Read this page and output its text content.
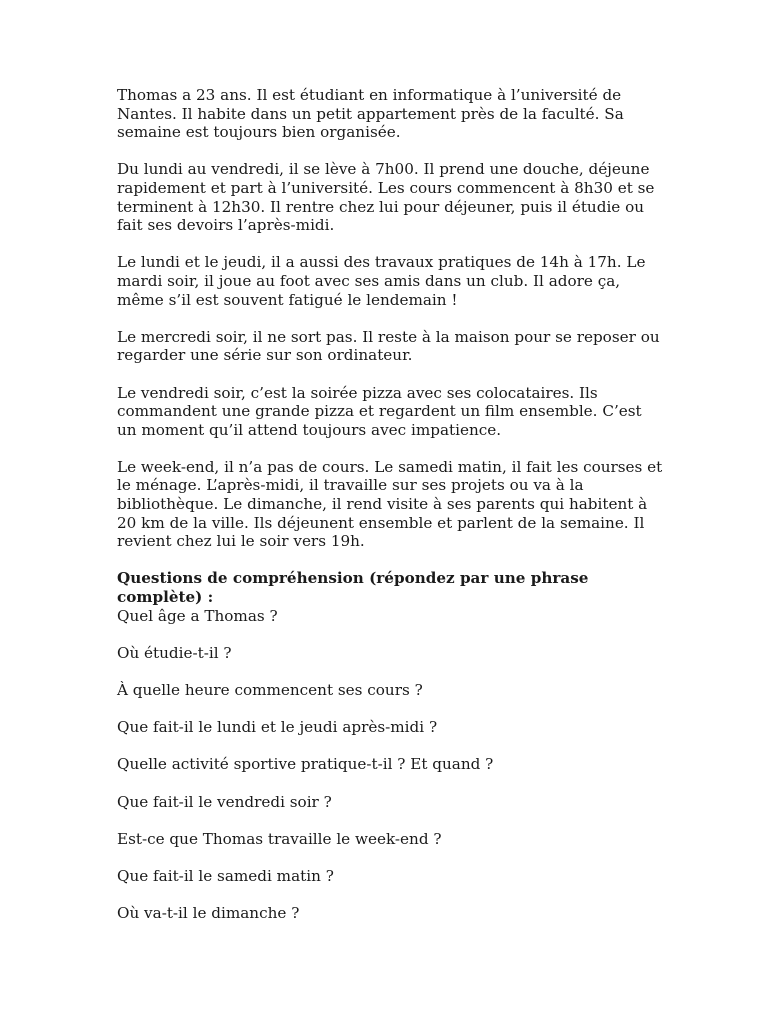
Thomas a 23 ans. Il est étudiant en informatique à l’université de Nantes. Il habite dans un petit appartement près de la faculté. Sa semaine est toujours bien organisée.

Du lundi au vendredi, il se lève à 7h00. Il prend une douche, déjeune rapidement et part à l’université. Les cours commencent à 8h30 et se terminent à 12h30. Il rentre chez lui pour déjeuner, puis il étudie ou fait ses devoirs l’après-midi.

Le lundi et le jeudi, il a aussi des travaux pratiques de 14h à 17h. Le mardi soir, il joue au foot avec ses amis dans un club. Il adore ça, même s’il est souvent fatigué le lendemain !

Le mercredi soir, il ne sort pas. Il reste à la maison pour se reposer ou regarder une série sur son ordinateur.

Le vendredi soir, c’est la soirée pizza avec ses colocataires. Ils commandent une grande pizza et regardent un film ensemble. C’est un moment qu’il attend toujours avec impatience.

Le week-end, il n’a pas de cours. Le samedi matin, il fait les courses et le ménage. L’après-midi, il travaille sur ses projets ou va à la bibliothèque. Le dimanche, il rend visite à ses parents qui habitent à 20 km de la ville. Ils déjeunent ensemble et parlent de la semaine. Il revient chez lui le soir vers 19h.

Questions de compréhension (répondez par une phrase complète) :

Quel âge a Thomas ?

Où étudie-t-il ?

À quelle heure commencent ses cours ?

Que fait-il le lundi et le jeudi après-midi ?

Quelle activité sportive pratique-t-il ? Et quand ?

Que fait-il le vendredi soir ?

Est-ce que Thomas travaille le week-end ?

Que fait-il le samedi matin ?

Où va-t-il le dimanche ?
